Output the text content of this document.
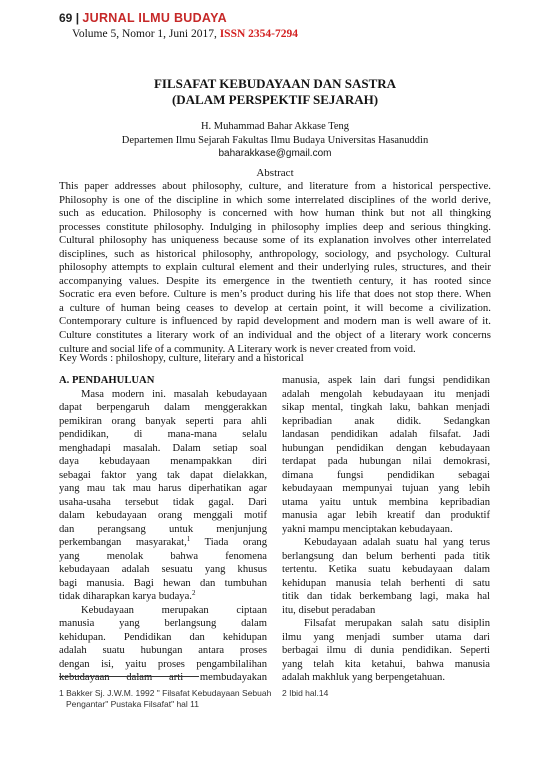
69 | JURNAL ILMU BUDAYA
Volume 5, Nomor 1, Juni 2017, ISSN 2354-7294
FILSAFAT KEBUDAYAAN DAN SASTRA
(DALAM PERSPEKTIF SEJARAH)
H. Muhammad Bahar Akkase Teng
Departemen Ilmu Sejarah Fakultas Ilmu Budaya Universitas Hasanuddin
baharakkase@gmail.com
Abstract
This paper addresses about philosophy, culture, and literature from a historical perspective.
Philosophy is one of the discipline in which some interrelated disciplines of the world derive,
such as education. Philosophy is concerned with how human think but not all thingking
processes constitute philosophy. Indulging in philosophy implies deep and serious thingking.
Cultural philosophy has uniqueness because some of its explanation involves other interrelated
disciplines, such as historical philosophy, anthropology, sociology, and psychology. Cultural
philosophy attempts to explain cultural element and their underlying rules, structures, and their
accompanying values. Despite its emergence in the twentieth century, it has rooted since
Socratic era even before. Culture is men’s product during his life that does not stop there. When
a culture of human being ceases to develop at certain point, it will become a civilization.
Contemporary culture is influenced by rapid development and modern man is well aware of it.
Culture constitutes a literary work of an individual and the object of a literary work concerns
culture and social life of a community. A Literary work is never created from void.
Key Words : philoshopy, culture, literary and a historical
A. PENDAHULUAN
Masa modern ini. masalah kebudayaan
dapat berpengaruh dalam menggerakkan
pemikiran orang banyak seperti para ahli
pendidikan, di mana-mana selalu
menghadapi masalah. Dalam setiap soal
daya kebudayaan menampakkan diri
sebagai faktor yang tak dapat dielakkan,
yang mau tak mau harus diperhatikan agar
usaha-usaha tersebut tidak gagal. Dari
dalam kebudayaan orang menggali motif
dan perangsang untuk menjunjung
perkembangan masyarakat,$^1$ Tiada orang
yang menolak bahwa fenomena
kebudayaan adalah sesuatu yang khusus
bagi manusia. Bagi hewan dan tumbuhan
tidak diharapkan karya budaya.$^2$
Kebudayaan merupakan ciptaan
manusia yang berlangsung dalam
kehidupan. Pendidikan dan kehidupan
adalah suatu hubungan antara proses
dengan isi, yaitu proses pengambilalihan
kebudayaan dalam arti membudayakan
manusia, aspek lain dari fungsi pendidikan
adalah mengolah kebudayaan itu menjadi
sikap mental, tingkah laku, bahkan menjadi
kepribadian anak didik. Sedangkan
landasan pendidikan adalah filsafat. Jadi
hubungan pendidikan dengan kebudayaan
terdapat pada hubungan nilai demokrasi,
dimana fungsi pendidikan sebagai
kebudayaan mempunyai tujuan yang lebih
utama yaitu untuk membina kepribadian
manusia agar lebih kreatif dan produktif
yakni mampu menciptakan kebudayaan.
Kebudayaan adalah suatu hal yang terus
berlangsung dan belum berhenti pada titik
tertentu. Ketika suatu kebudayaan dalam
kehidupan manusia telah berhenti di satu
titik dan tidak berkembang lagi, maka hal
itu, disebut peradaban
Filsafat merupakan salah satu disiplin
ilmu yang menjadi sumber utama dari
berbagai ilmu di dunia pendidikan. Seperti
yang telah kita ketahui, bahwa manusia
adalah makhluk yang berpengetahuan.
1 Bakker Sj. J.W.M. 1992 " Filsafat Kebudayaan Sebuah
Pengantar" Pustaka Filsafat" hal 11
2 Ibid hal.14
